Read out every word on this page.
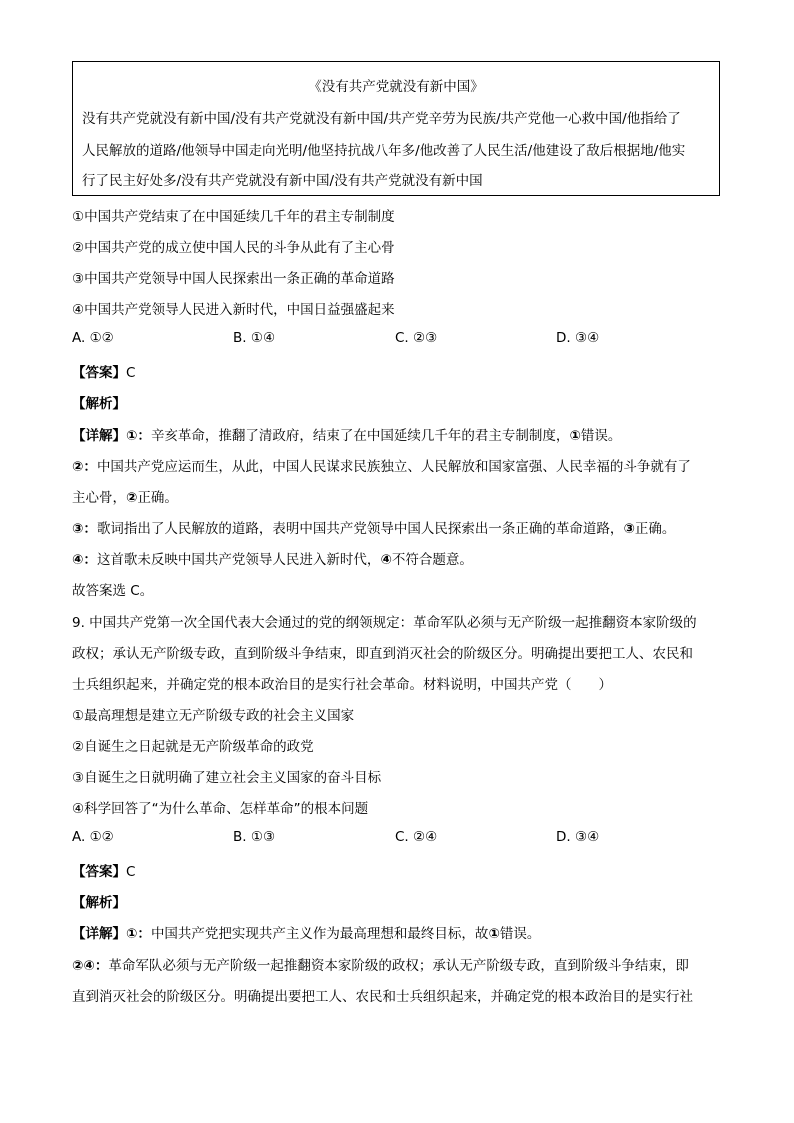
《没有共产党就没有新中国》
没有共产党就没有新中国/没有共产党就没有新中国/共产党辛劳为民族/共产党他一心救中国/他指给了
人民解放的道路/他领导中国走向光明/他坚持抗战八年多/他改善了人民生活/他建设了敌后根据地/他实
行了民主好处多/没有共产党就没有新中国/没有共产党就没有新中国
①中国共产党结束了在中国延续几千年的君主专制制度
②中国共产党的成立使中国人民的斗争从此有了主心骨
③中国共产党领导中国人民探索出一条正确的革命道路
④中国共产党领导人民进入新时代，中国日益强盛起来
A. ①②	B. ①④	C. ②③	D. ③④
【答案】C
【解析】
【详解】①：辛亥革命，推翻了清政府，结束了在中国延续几千年的君主专制制度，①错误。
②：中国共产党应运而生，从此，中国人民谋求民族独立、人民解放和国家富强、人民幸福的斗争就有了
主心骨，②正确。
③：歌词指出了人民解放的道路，表明中国共产党领导中国人民探索出一条正确的革命道路，③正确。
④：这首歌未反映中国共产党领导人民进入新时代，④不符合题意。
故答案选 C。
9. 中国共产党第一次全国代表大会通过的党的纲领规定：革命军队必须与无产阶级一起推翻资本家阶级的
政权；承认无产阶级专政，直到阶级斗争结束，即直到消灭社会的阶级区分。明确提出要把工人、农民和
士兵组织起来，并确定党的根本政治目的是实行社会革命。材料说明，中国共产党（　　）
①最高理想是建立无产阶级专政的社会主义国家
②自诞生之日起就是无产阶级革命的政党
③自诞生之日就明确了建立社会主义国家的奋斗目标
④科学回答了“为什么革命、怎样革命”的根本问题
A. ①②	B. ①③	C. ②④	D. ③④
【答案】C
【解析】
【详解】①：中国共产党把实现共产主义作为最高理想和最终目标，故①错误。
②④：革命军队必须与无产阶级一起推翻资本家阶级的政权；承认无产阶级专政，直到阶级斗争结束，即
直到消灭社会的阶级区分。明确提出要把工人、农民和士兵组织起来，并确定党的根本政治目的是实行社
